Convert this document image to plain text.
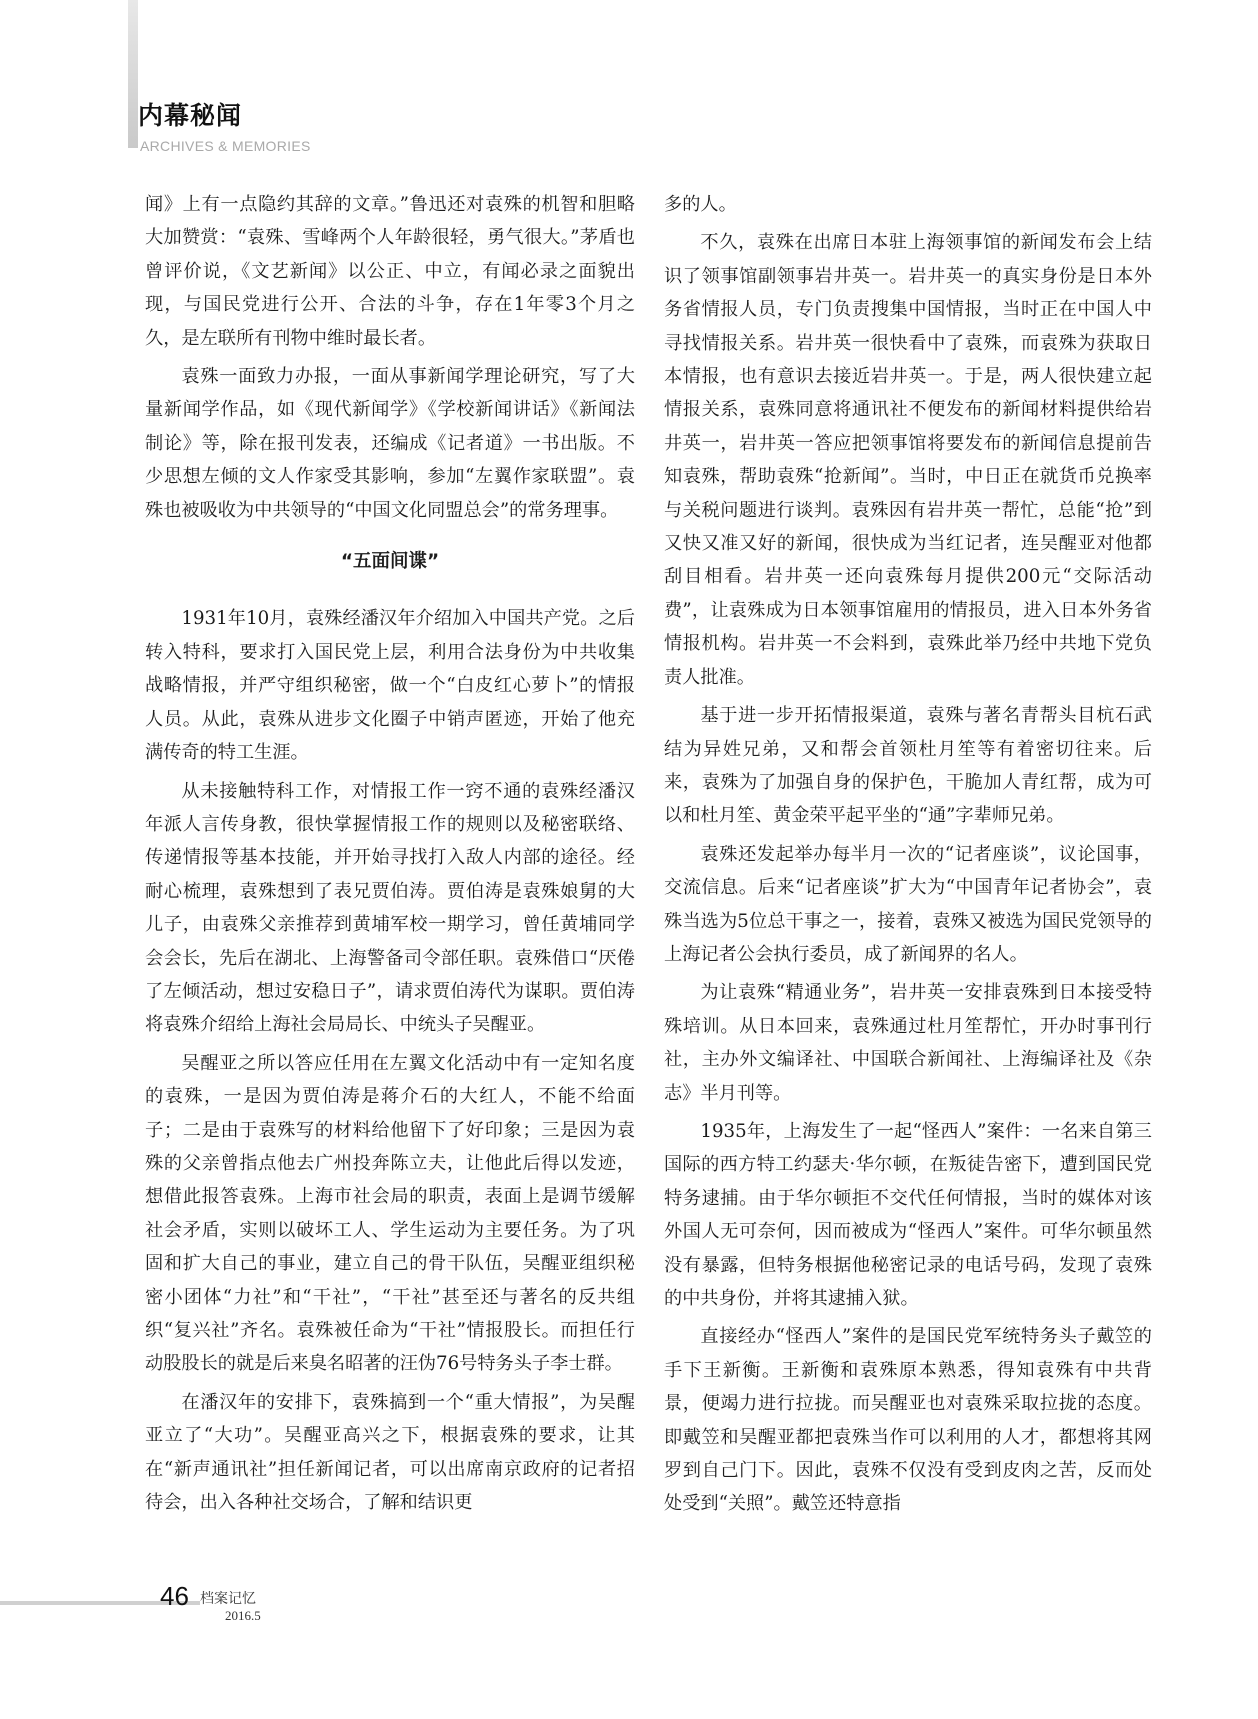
内幕秘闻
ARCHIVES & MEMORIES

闻》上有一点隐约其辞的文章。”鲁迅还对袁殊的机智和胆略大加赞赏：“袁殊、雪峰两个人年龄很轻，勇气很大。”茅盾也曾评价说，《文艺新闻》以公正、中立，有闻必录之面貌出现，与国民党进行公开、合法的斗争，存在1年零3个月之久，是左联所有刊物中维时最长者。

袁殊一面致力办报，一面从事新闻学理论研究，写了大量新闻学作品，如《现代新闻学》《学校新闻讲话》《新闻法制论》等，除在报刊发表，还编成《记者道》一书出版。不少思想左倾的文人作家受其影响，参加“左翼作家联盟”。袁殊也被吸收为中共领导的“中国文化同盟总会”的常务理事。

“五面间谍”

1931年10月，袁殊经潘汉年介绍加入中国共产党。之后转入特科，要求打入国民党上层，利用合法身份为中共收集战略情报，并严守组织秘密，做一个“白皮红心萝卜”的情报人员。从此，袁殊从进步文化圈子中销声匿迹，开始了他充满传奇的特工生涯。

从未接触特科工作，对情报工作一窍不通的袁殊经潘汉年派人言传身教，很快掌握情报工作的规则以及秘密联络、传递情报等基本技能，并开始寻找打入敌人内部的途径。经耐心梳理，袁殊想到了表兄贾伯涛。贾伯涛是袁殊娘舅的大儿子，由袁殊父亲推荐到黄埔军校一期学习，曾任黄埔同学会会长，先后在湖北、上海警备司令部任职。袁殊借口“厌倦了左倾活动，想过安稳日子”，请求贾伯涛代为谋职。贾伯涛将袁殊介绍给上海社会局局长、中统头子吴醒亚。

吴醒亚之所以答应任用在左翼文化活动中有一定知名度的袁殊，一是因为贾伯涛是蒋介石的大红人，不能不给面子；二是由于袁殊写的材料给他留下了好印象；三是因为袁殊的父亲曾指点他去广州投奔陈立夫，让他此后得以发迹，想借此报答袁殊。上海市社会局的职责，表面上是调节缓解社会矛盾，实则以破坏工人、学生运动为主要任务。为了巩固和扩大自己的事业，建立自己的骨干队伍，吴醒亚组织秘密小团体“力社”和“干社”，“干社”甚至还与著名的反共组织“复兴社”齐名。袁殊被任命为“干社”情报股长。而担任行动股股长的就是后来臭名昭著的汪伪76号特务头子李士群。

在潘汉年的安排下，袁殊搞到一个“重大情报”，为吴醒亚立了“大功”。吴醒亚高兴之下，根据袁殊的要求，让其在“新声通讯社”担任新闻记者，可以出席南京政府的记者招待会，出入各种社交场合，了解和结识更

多的人。

不久，袁殊在出席日本驻上海领事馆的新闻发布会上结识了领事馆副领事岩井英一。岩井英一的真实身份是日本外务省情报人员，专门负责搜集中国情报，当时正在中国人中寻找情报关系。岩井英一很快看中了袁殊，而袁殊为获取日本情报，也有意识去接近岩井英一。于是，两人很快建立起情报关系，袁殊同意将通讯社不便发布的新闻材料提供给岩井英一，岩井英一答应把领事馆将要发布的新闻信息提前告知袁殊，帮助袁殊“抢新闻”。当时，中日正在就货币兑换率与关税问题进行谈判。袁殊因有岩井英一帮忙，总能“抢”到又快又准又好的新闻，很快成为当红记者，连吴醒亚对他都刮目相看。岩井英一还向袁殊每月提供200元“交际活动费”，让袁殊成为日本领事馆雇用的情报员，进入日本外务省情报机构。岩井英一不会料到，袁殊此举乃经中共地下党负责人批准。

基于进一步开拓情报渠道，袁殊与著名青帮头目杭石武结为异姓兄弟，又和帮会首领杜月笙等有着密切往来。后来，袁殊为了加强自身的保护色，干脆加人青红帮，成为可以和杜月笙、黄金荣平起平坐的“通”字辈师兄弟。

袁殊还发起举办每半月一次的“记者座谈”，议论国事，交流信息。后来“记者座谈”扩大为“中国青年记者协会”，袁殊当选为5位总干事之一，接着，袁殊又被选为国民党领导的上海记者公会执行委员，成了新闻界的名人。

为让袁殊“精通业务”，岩井英一安排袁殊到日本接受特殊培训。从日本回来，袁殊通过杜月笙帮忙，开办时事刊行社，主办外文编译社、中国联合新闻社、上海编译社及《杂志》半月刊等。

1935年，上海发生了一起“怪西人”案件：一名来自第三国际的西方特工约瑟夫·华尔顿，在叛徒告密下，遭到国民党特务逮捕。由于华尔顿拒不交代任何情报，当时的媒体对该外国人无可奈何，因而被成为“怪西人”案件。可华尔顿虽然没有暴露，但特务根据他秘密记录的电话号码，发现了袁殊的中共身份，并将其逮捕入狱。

直接经办“怪西人”案件的是国民党军统特务头子戴笠的手下王新衡。王新衡和袁殊原本熟悉，得知袁殊有中共背景，便竭力进行拉拢。而吴醒亚也对袁殊采取拉拢的态度。即戴笠和吴醒亚都把袁殊当作可以利用的人才，都想将其网罗到自己门下。因此，袁殊不仅没有受到皮肉之苦，反而处处受到“关照”。戴笠还特意指

46 档案记忆
2016.5
